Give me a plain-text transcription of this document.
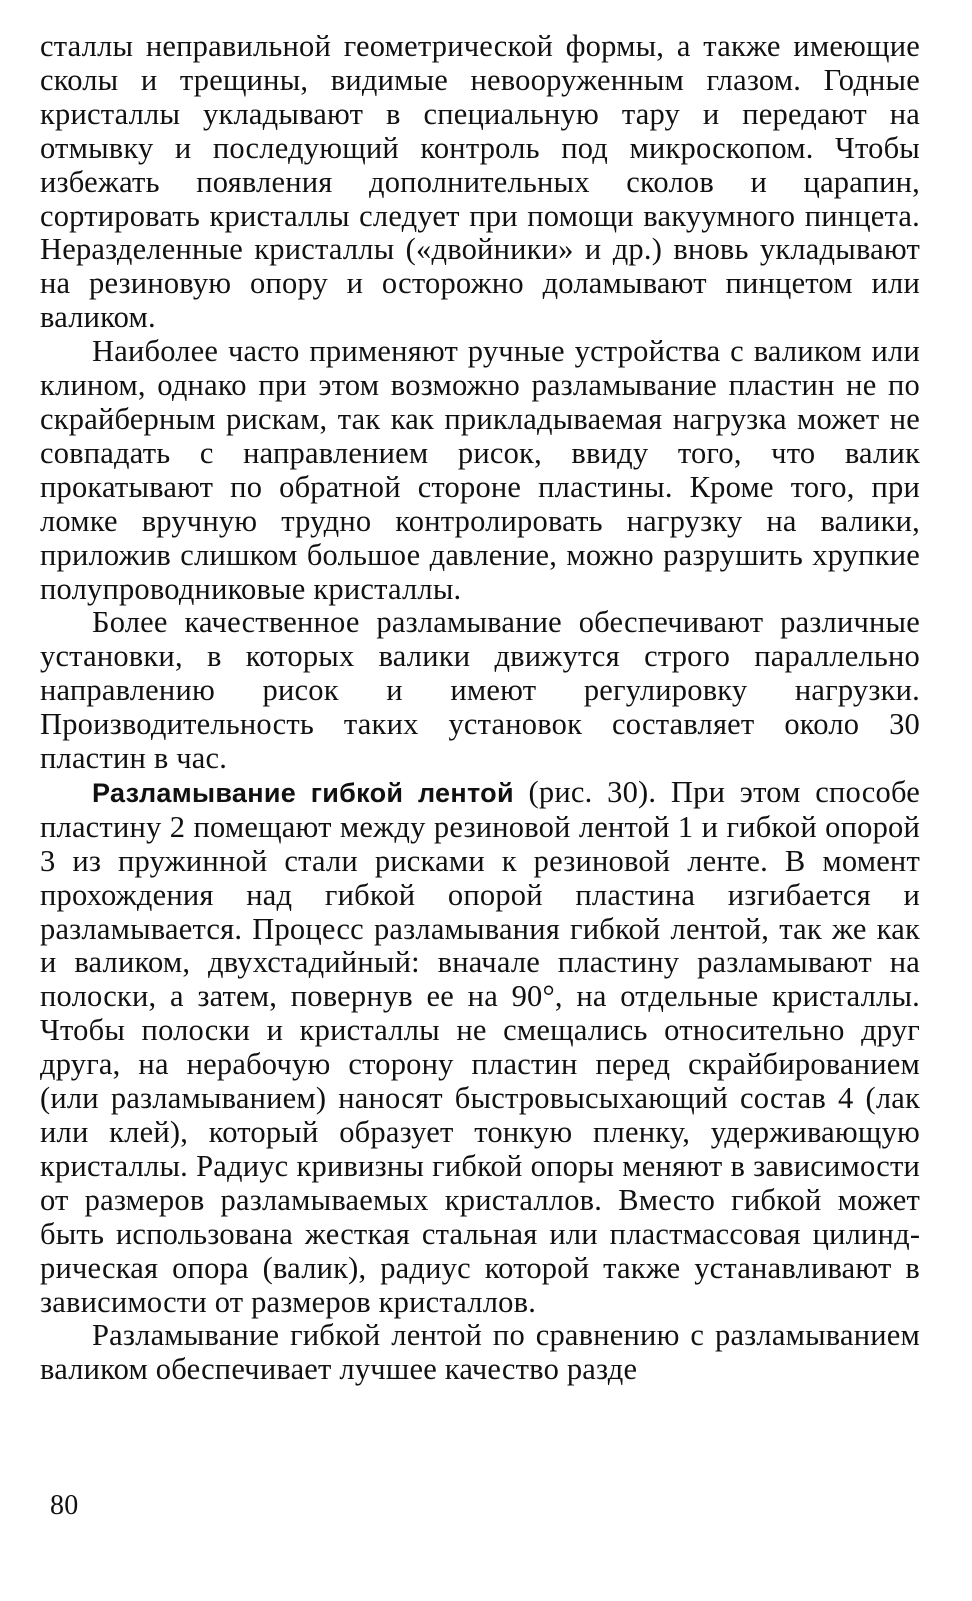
сталлы неправильной геометрической формы, а также имеющие сколы и трещины, видимые невооруженным глазом. Годные кристаллы укладывают в специальную тару и передают на отмывку и последующий контроль под микроскопом. Чтобы избежать появления дополнительных сколов и царапин, сортировать кристаллы следует при помощи вакуумного пинцета. Неразделенные кристаллы («двойники» и др.) вновь укладывают на резиновую опору и осторожно доламывают пинцетом или валиком.

Наиболее часто применяют ручные устройства с валиком или клином, однако при этом возможно разламывание пластин не по скрайберным рискам, так как прикладываемая нагрузка может не совпадать с направлением рисок, ввиду того, что валик прокатывают по обратной стороне пластины. Кроме того, при ломке вручную трудно контролировать нагрузку на валики, приложив слишком большое давление, можно разрушить хрупкие полупроводниковые кристаллы.

Более качественное разламывание обеспечивают различные установки, в которых валики движутся строго параллельно направлению рисок и имеют регулировку нагрузки. Производительность таких установок составляет около 30 пластин в час.

Разламывание гибкой лентой (рис. 30). При этом способе пластину 2 помещают между резиновой лентой 1 и гибкой опорой 3 из пружинной стали рисками к резиновой ленте. В момент прохождения над гибкой опорой пластина изгибается и разламывается. Процесс разламывания гибкой лентой, так же как и валиком, двухстадийный: вначале пластину разламывают на полоски, а затем, повернув ее на 90°, на отдельные кристаллы. Чтобы полоски и кристаллы не смещались относительно друг друга, на нерабочую сторону пластин перед скрайбированием (или разламыванием) наносят быстровысыхающий состав 4 (лак или клей), который образует тонкую пленку, удерживающую кристаллы. Радиус кривизны гибкой опоры меняют в зависимости от размеров разламываемых кристаллов. Вместо гибкой может быть использована жесткая стальная или пластмассовая цилиндрическая опора (валик), радиус которой также устанавливают в зависимости от размеров кристаллов.

Разламывание гибкой лентой по сравнению с разламыванием валиком обеспечивает лучшее качество разде

80
